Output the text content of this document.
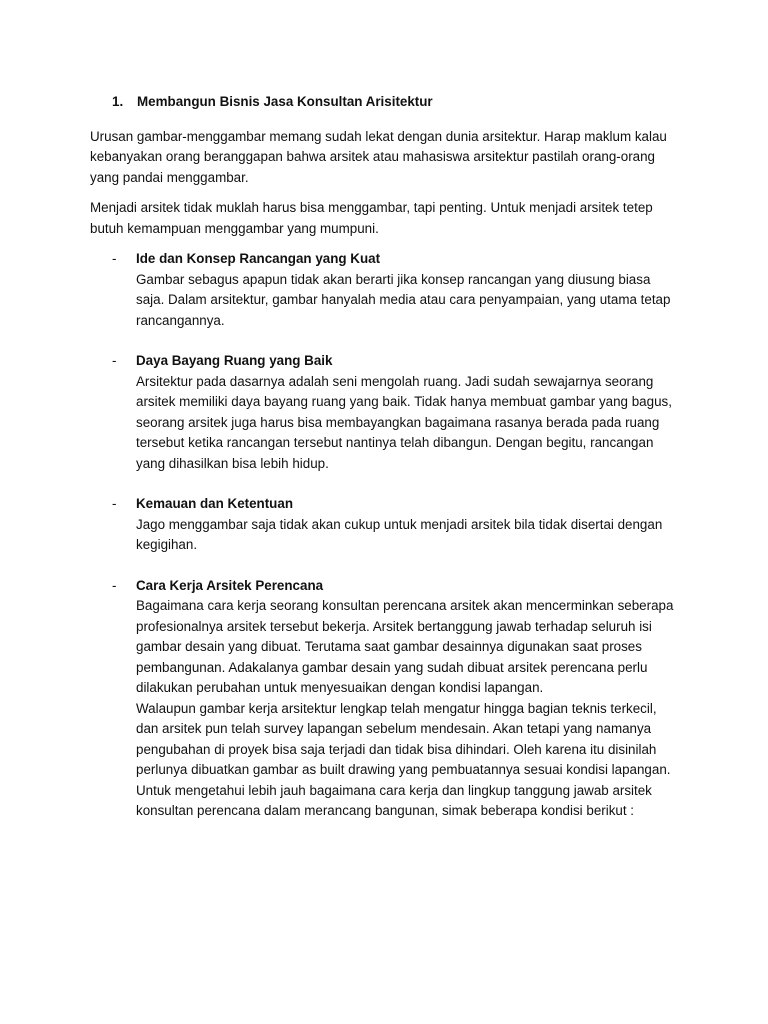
1.	Membangun Bisnis Jasa Konsultan Arisitektur

Urusan gambar-menggambar memang sudah lekat dengan dunia arsitektur. Harap maklum kalau kebanyakan orang beranggapan bahwa arsitek atau mahasiswa arsitektur pastilah orang-orang yang pandai menggambar.

Menjadi arsitek tidak muklah harus bisa menggambar, tapi penting. Untuk menjadi arsitek tetep butuh kemampuan menggambar yang mumpuni.

-	Ide dan Konsep Rancangan yang Kuat

Gambar sebagus apapun tidak akan berarti jika konsep rancangan yang diusung biasa saja. Dalam arsitektur, gambar hanyalah media atau cara penyampaian, yang utama tetap rancangannya.

-	Daya Bayang Ruang yang Baik

Arsitektur pada dasarnya adalah seni mengolah ruang. Jadi sudah sewajarnya seorang arsitek memiliki daya bayang ruang yang baik. Tidak hanya membuat gambar yang bagus, seorang arsitek juga harus bisa membayangkan bagaimana rasanya berada pada ruang tersebut ketika rancangan tersebut nantinya telah dibangun. Dengan begitu, rancangan yang dihasilkan bisa lebih hidup.

-	Kemauan dan Ketentuan

Jago menggambar saja tidak akan cukup untuk menjadi arsitek bila tidak disertai dengan kegigihan.

-	Cara Kerja Arsitek Perencana

Bagaimana cara kerja seorang konsultan perencana arsitek akan mencerminkan seberapa profesionalnya arsitek tersebut bekerja. Arsitek bertanggung jawab terhadap seluruh isi gambar desain yang dibuat. Terutama saat gambar desainnya digunakan saat proses pembangunan. Adakalanya gambar desain yang sudah dibuat arsitek perencana perlu dilakukan perubahan untuk menyesuaikan dengan kondisi lapangan.

Walaupun gambar kerja arsitektur lengkap telah mengatur hingga bagian teknis terkecil, dan arsitek pun telah survey lapangan sebelum mendesain. Akan tetapi yang namanya pengubahan di proyek bisa saja terjadi dan tidak bisa dihindari. Oleh karena itu disinilah perlunya dibuatkan gambar as built drawing yang pembuatannya sesuai kondisi lapangan.

Untuk mengetahui lebih jauh bagaimana cara kerja dan lingkup tanggung jawab arsitek konsultan perencana dalam merancang bangunan, simak beberapa kondisi berikut :
